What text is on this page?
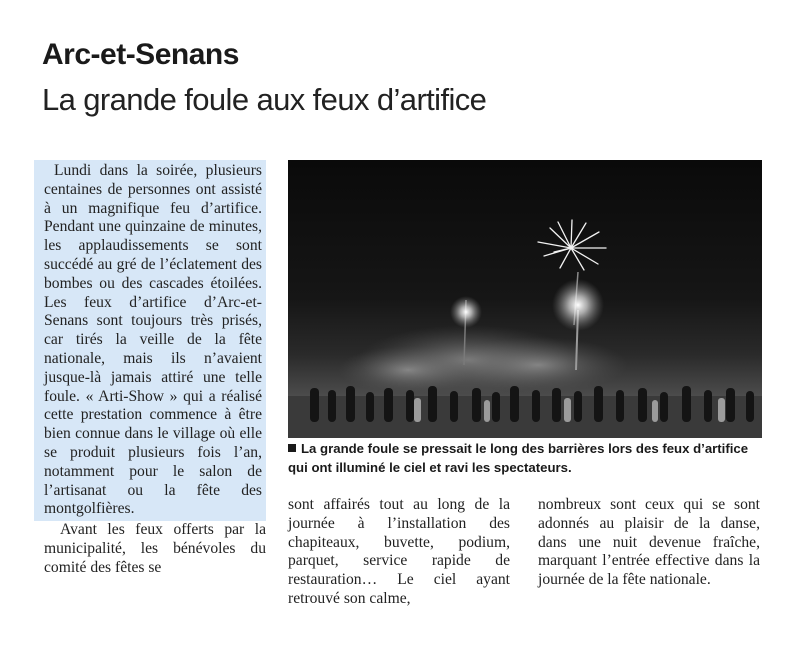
Arc-et-Senans
La grande foule aux feux d’artifice

Lundi dans la soirée, plusieurs centaines de personnes ont assisté à un magnifique feu d’artifice. Pendant une quinzaine de minutes, les applaudissements se sont succédé au gré de l’éclatement des bombes ou des cascades étoilées. Les feux d’artifice d’Arc-et-Senans sont toujours très prisés, car tirés la veille de la fête nationale, mais ils n’avaient jusque-là jamais attiré une telle foule. « Arti-Show » qui a réalisé cette prestation commence à être bien connue dans le village où elle se produit plusieurs fois l’an, notamment pour le salon de l’artisanat ou la fête des montgolfières.

Avant les feux offerts par la municipalité, les bénévoles du comité des fêtes se

La grande foule se pressait le long des barrières lors des feux d’artifice qui ont illuminé le ciel et ravi les spectateurs.

sont affairés tout au long de la journée à l’installation des chapiteaux, buvette, podium, parquet, service rapide de restauration… Le ciel ayant retrouvé son calme,

nombreux sont ceux qui se sont adonnés au plaisir de la danse, dans une nuit devenue fraîche, marquant l’entrée effective dans la journée de la fête nationale.
